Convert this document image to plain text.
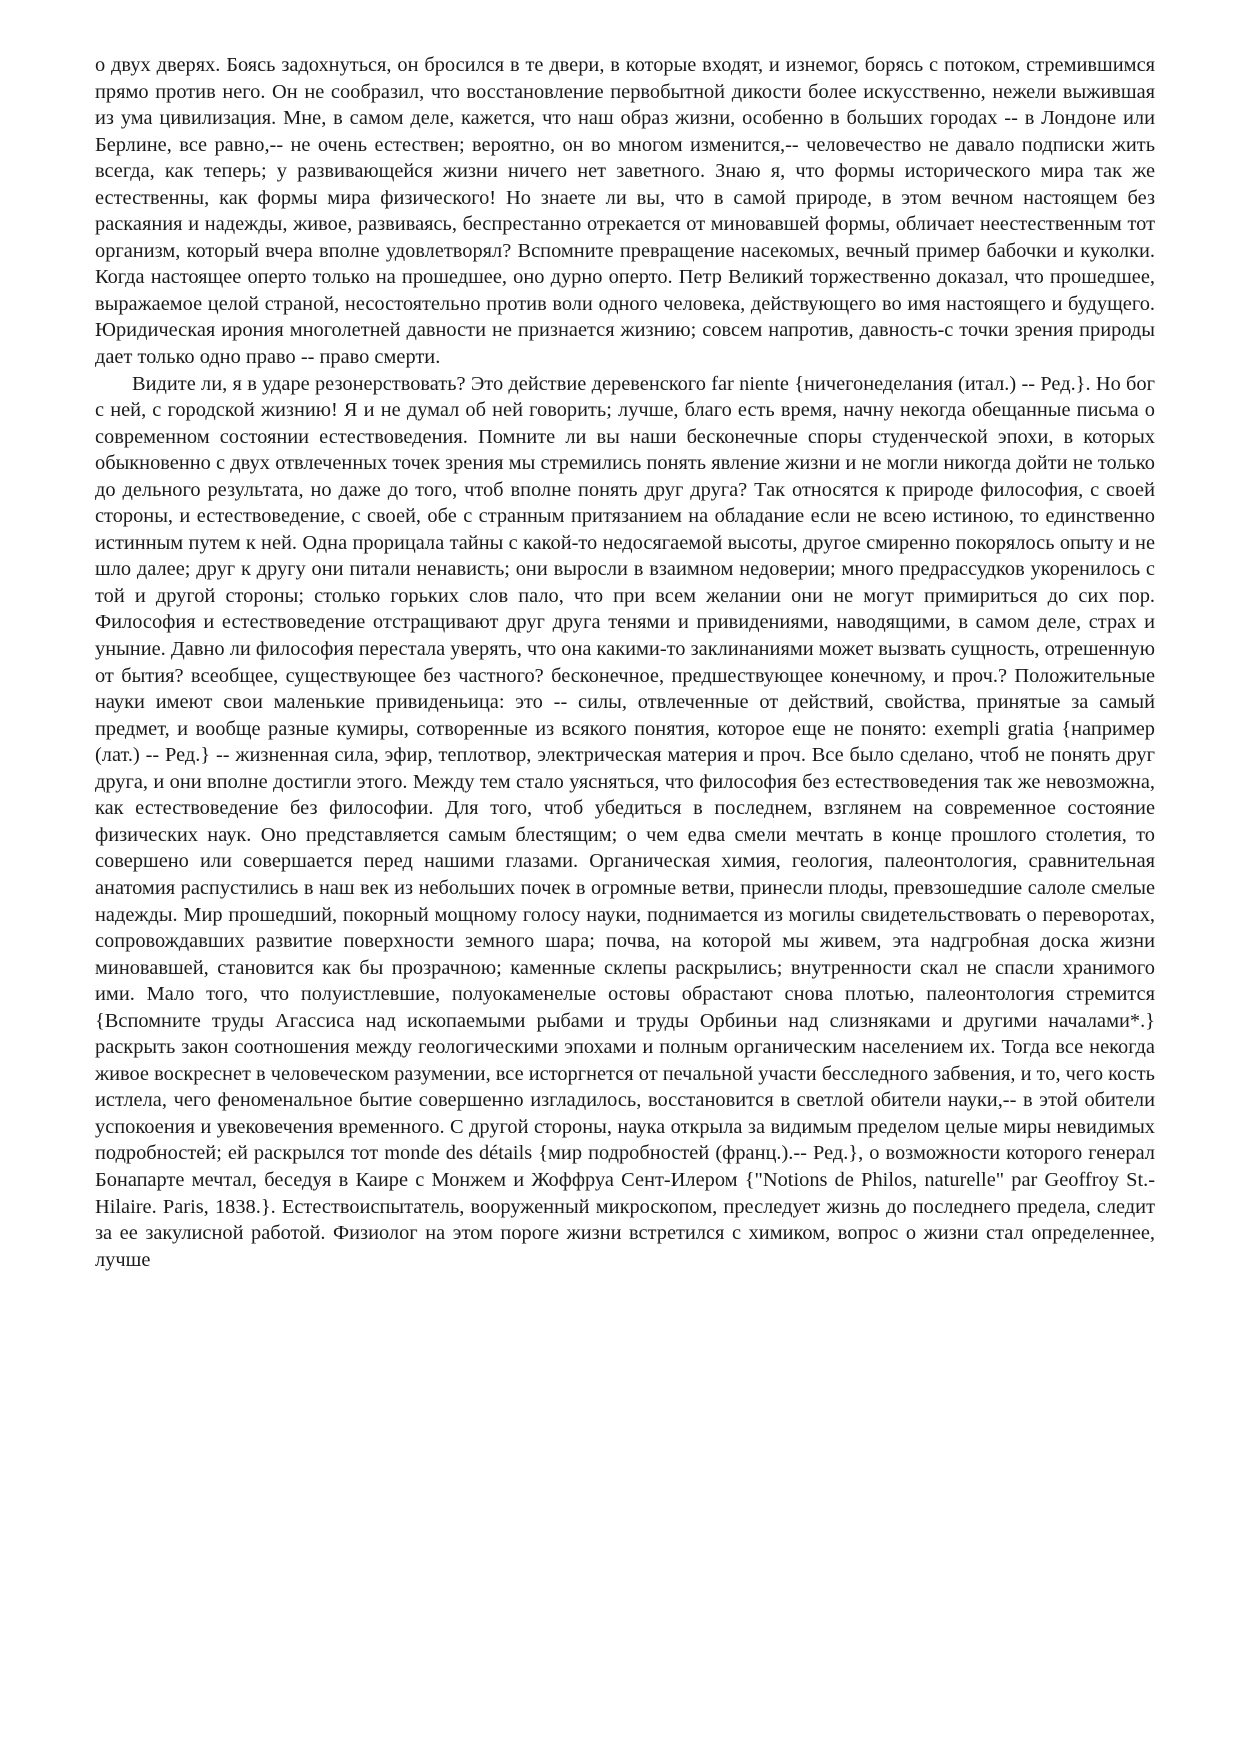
о двух дверях. Боясь задохнуться, он бросился в те двери, в которые входят, и изнемог, борясь с потоком, стремившимся прямо против него. Он не сообразил, что восстановление первобытной дикости более искусственно, нежели выжившая из ума цивилизация. Мне, в самом деле, кажется, что наш образ жизни, особенно в больших городах -- в Лондоне или Берлине, все равно,-- не очень естествен; вероятно, он во многом изменится,-- человечество не давало подписки жить всегда, как теперь; у развивающейся жизни ничего нет заветного. Знаю я, что формы исторического мира так же естественны, как формы мира физического! Но знаете ли вы, что в самой природе, в этом вечном настоящем без раскаяния и надежды, живое, развиваясь, беспрестанно отрекается от миновавшей формы, обличает неестественным тот организм, который вчера вполне удовлетворял? Вспомните превращение насекомых, вечный пример бабочки и куколки. Когда настоящее оперто только на прошедшее, оно дурно оперто. Петр Великий торжественно доказал, что прошедшее, выражаемое целой страной, несостоятельно против воли одного человека, действующего во имя настоящего и будущего. Юридическая ирония многолетней давности не признается жизнию; совсем напротив, давность-с точки зрения природы дает только одно право -- право смерти.

Видите ли, я в ударе резонерствовать? Это действие деревенского far niente {ничегонеделания (итал.) -- Ред.}. Но бог с ней, с городской жизнию! Я и не думал об ней говорить; лучше, благо есть время, начну некогда обещанные письма о современном состоянии естествоведения. Помните ли вы наши бесконечные споры студенческой эпохи, в которых обыкновенно с двух отвлеченных точек зрения мы стремились понять явление жизни и не могли никогда дойти не только до дельного результата, но даже до того, чтоб вполне понять друг друга? Так относятся к природе философия, с своей стороны, и естествоведение, с своей, обе с странным притязанием на обладание если не всею истиною, то единственно истинным путем к ней. Одна прорицала тайны с какой-то недосягаемой высоты, другое смиренно покорялось опыту и не шло далее; друг к другу они питали ненависть; они выросли в взаимном недоверии; много предрассудков укоренилось с той и другой стороны; столько горьких слов пало, что при всем желании они не могут примириться до сих пор. Философия и естествоведение отстращивают друг друга тенями и привидениями, наводящими, в самом деле, страх и уныние. Давно ли философия перестала уверять, что она какими-то заклинаниями может вызвать сущность, отрешенную от бытия? всеобщее, существующее без частного? бесконечное, предшествующее конечному, и проч.? Положительные науки имеют свои маленькие привиденьица: это -- силы, отвлеченные от действий, свойства, принятые за самый предмет, и вообще разные кумиры, сотворенные из всякого понятия, которое еще не понято: exempli gratia {например (лат.) -- Ред.} -- жизненная сила, эфир, теплотвор, электрическая материя и проч. Все было сделано, чтоб не понять друг друга, и они вполне достигли этого. Между тем стало уясняться, что философия без естествоведения так же невозможна, как естествоведение без философии. Для того, чтоб убедиться в последнем, взглянем на современное состояние физических наук. Оно представляется самым блестящим; о чем едва смели мечтать в конце прошлого столетия, то совершено или совершается перед нашими глазами. Органическая химия, геология, палеонтология, сравнительная анатомия распустились в наш век из небольших почек в огромные ветви, принесли плоды, превзошедшие салоле смелые надежды. Мир прошедший, покорный мощному голосу науки, поднимается из могилы свидетельствовать о переворотах, сопровождавших развитие поверхности земного шара; почва, на которой мы живем, эта надгробная доска жизни миновавшей, становится как бы прозрачною; каменные склепы раскрылись; внутренности скал не спасли хранимого ими. Мало того, что полуистлевшие, полуокаменелые остовы обрастают снова плотью, палеонтология стремится {Вспомните труды Агассиса над ископаемыми рыбами и труды Орбиньи над слизняками и другими началами*.} раскрыть закон соотношения между геологическими эпохами и полным органическим населением их. Тогда все некогда живое воскреснет в человеческом разумении, все исторгнется от печальной участи бесследного забвения, и то, чего кость истлела, чего феноменальное бытие совершенно изгладилось, восстановится в светлой обители науки,-- в этой обители успокоения и увековечения временного. С другой стороны, наука открыла за видимым пределом целые миры невидимых подробностей; ей раскрылся тот monde des détails {мир подробностей (франц.).-- Ред.}, о возможности которого генерал Бонапарте мечтал, беседуя в Каире с Монжем и Жоффруа Сент-Илером {"Notions de Philos, naturelle" par Geoffroy St.-Hilaire. Paris, 1838.}. Естествоиспытатель, вооруженный микроскопом, преследует жизнь до последнего предела, следит за ее закулисной работой. Физиолог на этом пороге жизни встретился с химиком, вопрос о жизни стал определеннее, лучше
